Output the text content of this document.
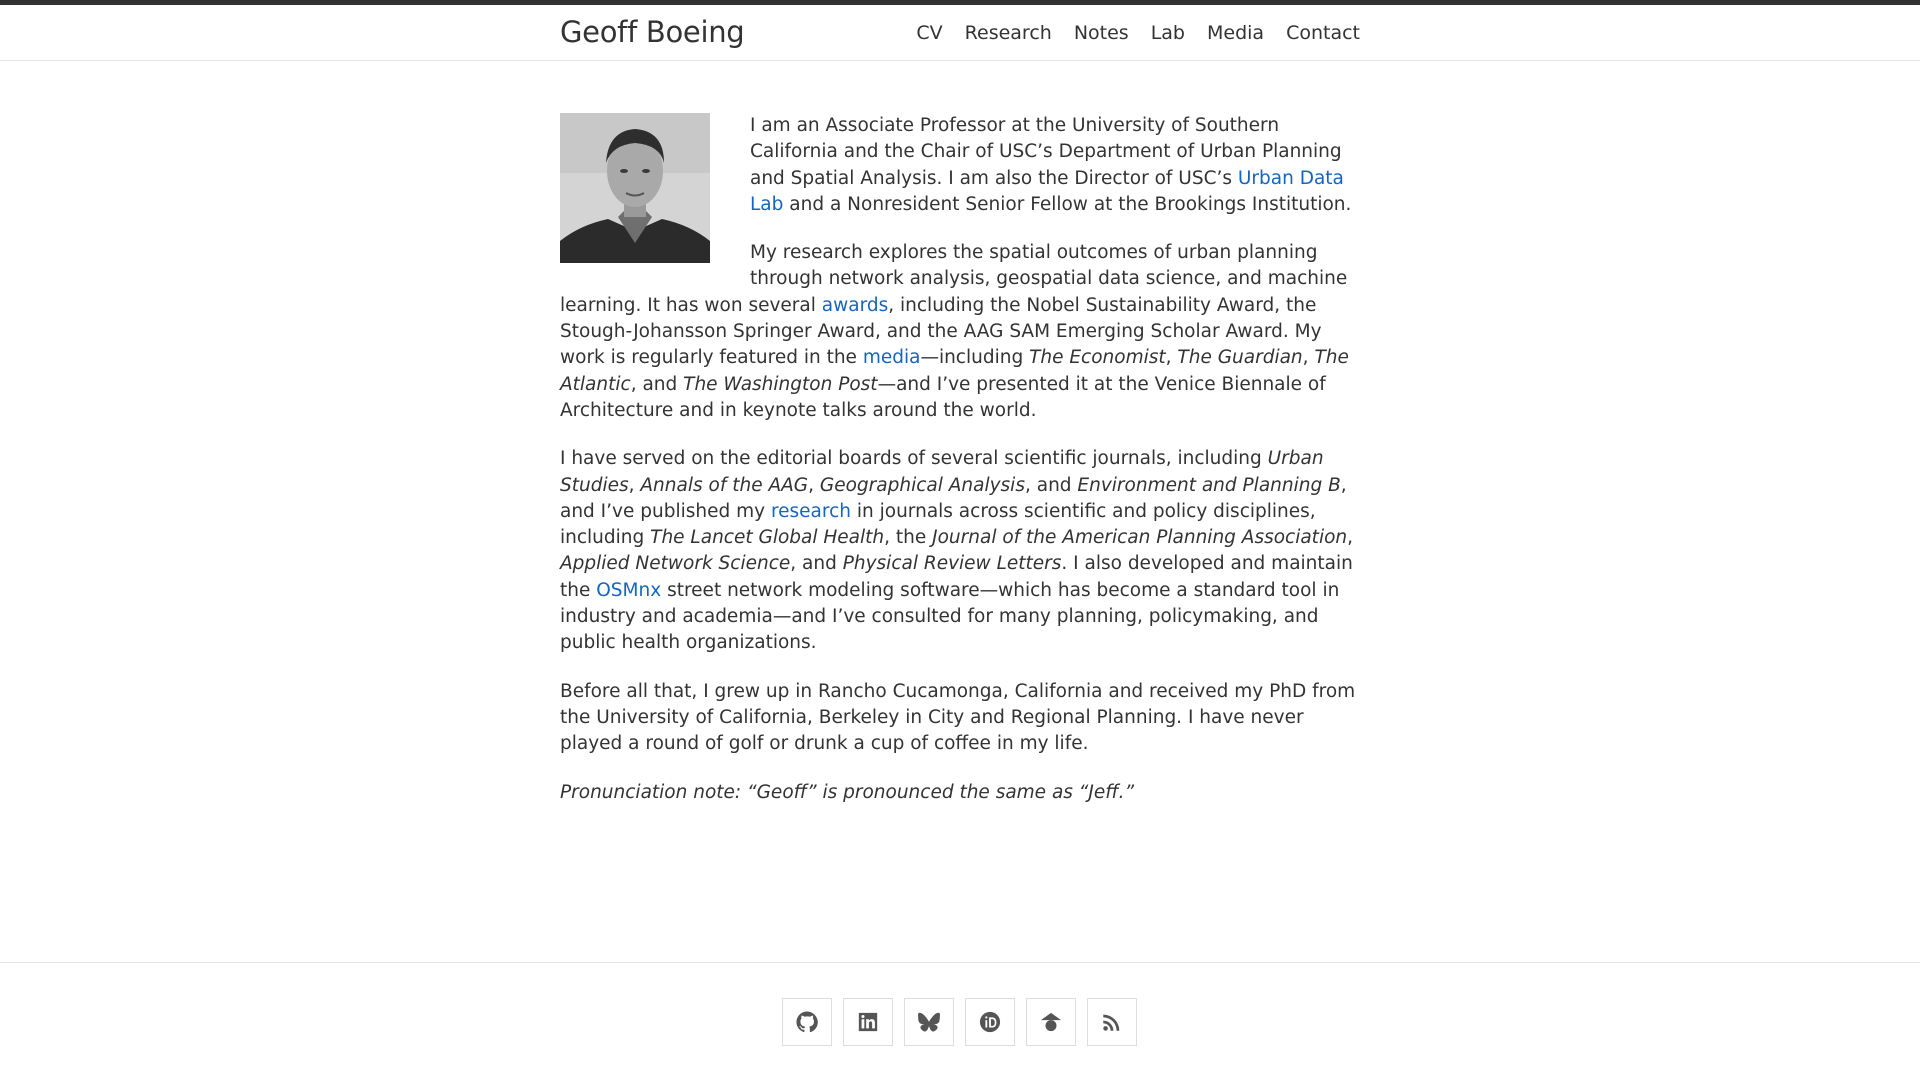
Geoff Boeing	CV Research Notes Lab Media Contact

I am an Associate Professor at the University of Southern California and the Chair of USC’s Department of Urban Planning and Spatial Analysis. I am also the Director of USC’s Urban Data Lab and a Nonresident Senior Fellow at the Brookings Institution.

My research explores the spatial outcomes of urban planning through network analysis, geospatial data science, and machine learning. It has won several awards, including the Nobel Sustainability Award, the Stough-Johansson Springer Award, and the AAG SAM Emerging Scholar Award. My work is regularly featured in the media—including The Economist, The Guardian, The Atlantic, and The Washington Post—and I’ve presented it at the Venice Biennale of Architecture and in keynote talks around the world.

I have served on the editorial boards of several scientific journals, including Urban Studies, Annals of the AAG, Geographical Analysis, and Environment and Planning B, and I’ve published my research in journals across scientific and policy disciplines, including The Lancet Global Health, the Journal of the American Planning Association, Applied Network Science, and Physical Review Letters. I also developed and maintain the OSMnx street network modeling software—which has become a standard tool in industry and academia—and I’ve consulted for many planning, policymaking, and public health organizations.

Before all that, I grew up in Rancho Cucamonga, California and received my PhD from the University of California, Berkeley in City and Regional Planning. I have never played a round of golf or drunk a cup of coffee in my life.

Pronunciation note: “Geoff” is pronounced the same as “Jeff.”
